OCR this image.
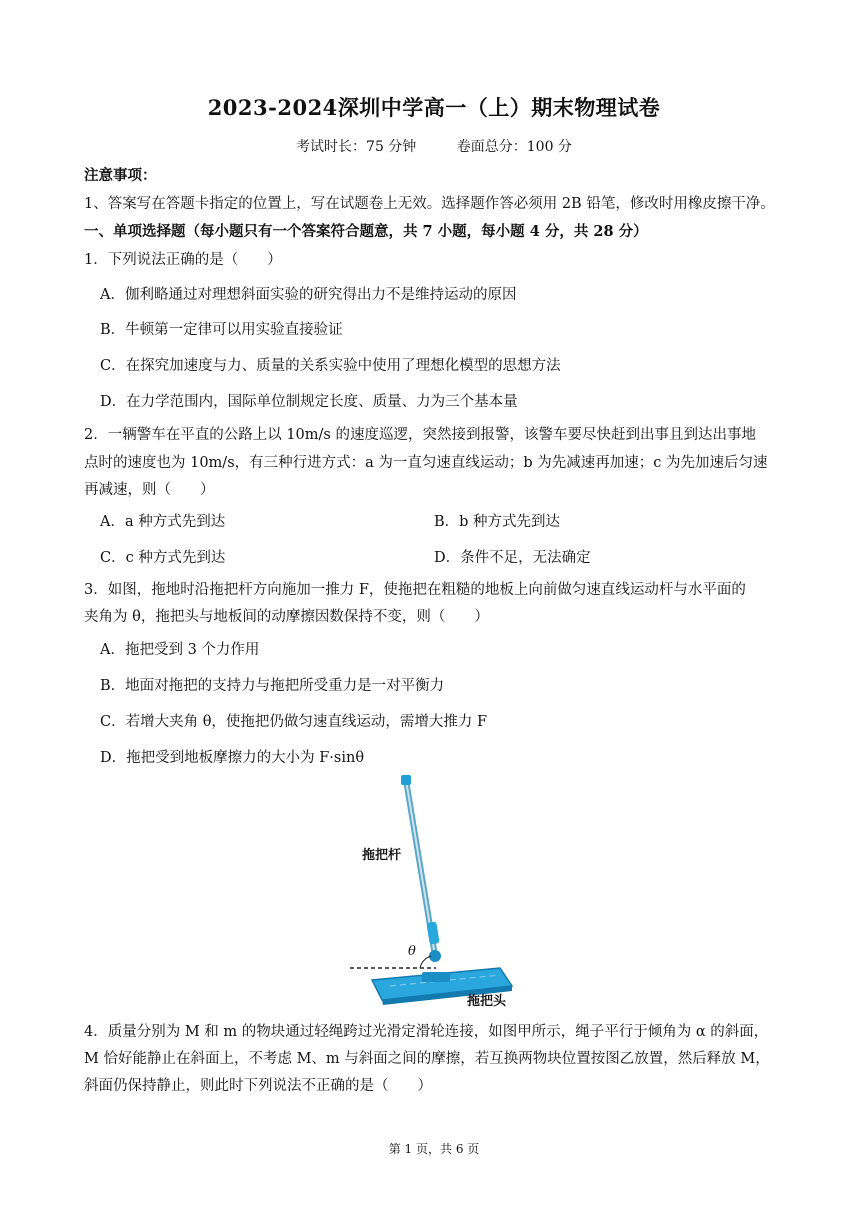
2023-2024深圳中学高一（上）期末物理试卷
考试时长：75 分钟	卷面总分：100 分
注意事项：
1、答案写在答题卡指定的位置上，写在试题卷上无效。选择题作答必须用 2B 铅笔，修改时用橡皮擦干净。
一、单项选择题（每小题只有一个答案符合题意，共 7 小题，每小题 4 分，共 28 分）
1．下列说法正确的是（　　）
A．伽利略通过对理想斜面实验的研究得出力不是维持运动的原因
B．牛顿第一定律可以用实验直接验证
C．在探究加速度与力、质量的关系实验中使用了理想化模型的思想方法
D．在力学范围内，国际单位制规定长度、质量、力为三个基本量
2．一辆警车在平直的公路上以 10m/s 的速度巡逻，突然接到报警，该警车要尽快赶到出事且到达出事地
点时的速度也为 10m/s，有三种行进方式：a 为一直匀速直线运动；b 为先减速再加速；c 为先加速后匀速
再减速，则（　　）
A．a 种方式先到达	B．b 种方式先到达
C．c 种方式先到达	D．条件不足，无法确定
3．如图，拖地时沿拖把杆方向施加一推力 F，使拖把在粗糙的地板上向前做匀速直线运动杆与水平面的
夹角为 θ，拖把头与地板间的动摩擦因数保持不变，则（　　）
A．拖把受到 3 个力作用
B．地面对拖把的支持力与拖把所受重力是一对平衡力
C．若增大夹角 θ，使拖把仍做匀速直线运动，需增大推力 F
D．拖把受到地板摩擦力的大小为 F·sinθ
拖把杆
θ
拖把头
4．质量分别为 M 和 m 的物块通过轻绳跨过光滑定滑轮连接，如图甲所示，绳子平行于倾角为 α 的斜面，
M 恰好能静止在斜面上，不考虑 M、m 与斜面之间的摩擦，若互换两物块位置按图乙放置，然后释放 M，
斜面仍保持静止，则此时下列说法不正确的是（　　）
第 1 页，共 6 页
